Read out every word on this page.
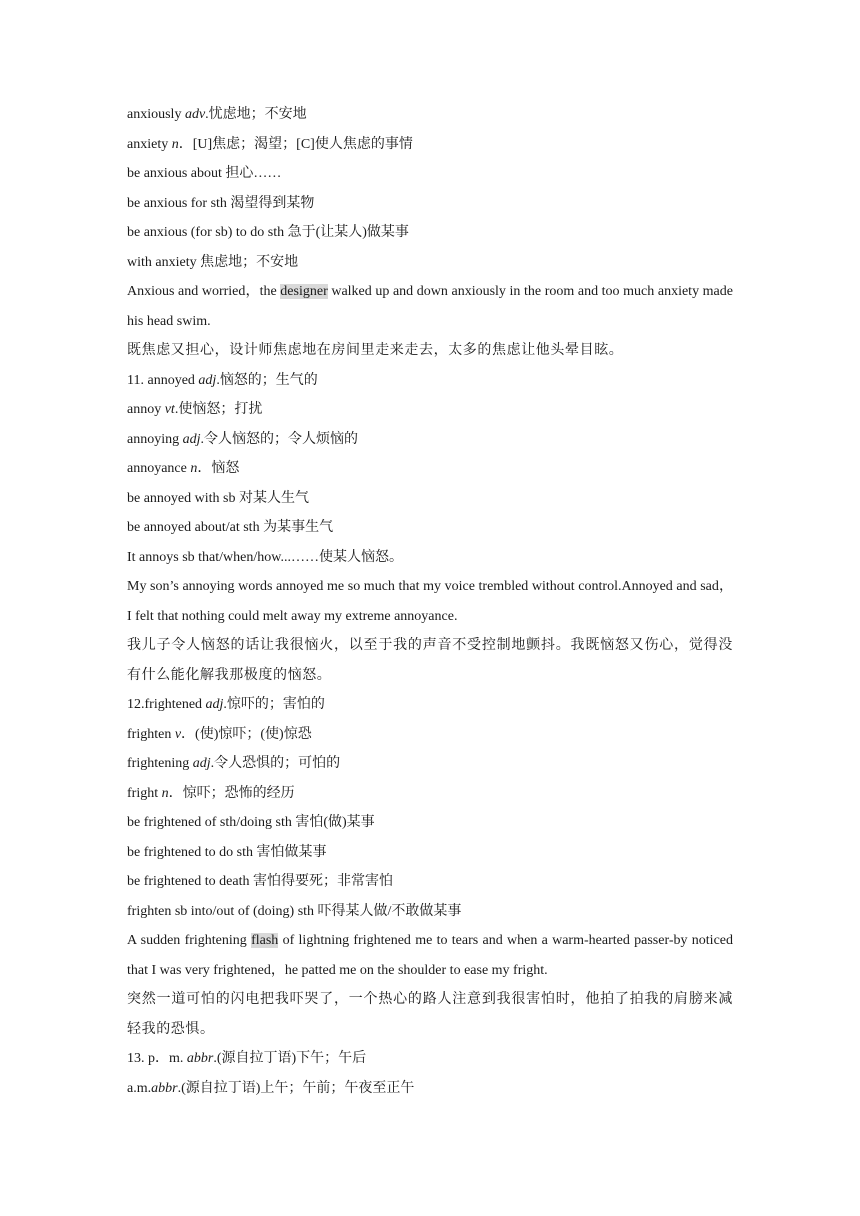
anxiously adv.忧虑地；不安地
anxiety n．[U]焦虑；渴望；[C]使人焦虑的事情
be anxious about 担心……
be anxious for sth 渴望得到某物
be anxious (for sb) to do sth 急于(让某人)做某事
with anxiety 焦虑地；不安地
Anxious and worried，the designer walked up and down anxiously in the room and too much anxiety made his head swim.
既焦虑又担心，设计师焦虑地在房间里走来走去，太多的焦虑让他头晕目眩。
11. annoyed adj.恼怒的；生气的
annoy vt.使恼怒；打扰
annoying adj.令人恼怒的；令人烦恼的
annoyance n．恼怒
be annoyed with sb 对某人生气
be annoyed about/at sth 为某事生气
It annoys sb that/when/how...……使某人恼怒。
My son’s annoying words annoyed me so much that my voice trembled without control.Annoyed and sad，I felt that nothing could melt away my extreme annoyance.
我儿子令人恼怒的话让我很恼火，以至于我的声音不受控制地颤抖。我既恼怒又伤心，觉得没有什么能化解我那极度的恼怒。
12.frightened adj.惊吓的；害怕的
frighten v．(使)惊吓；(使)惊恐
frightening adj.令人恐惧的；可怕的
fright n．惊吓；恐怖的经历
be frightened of sth/doing sth 害怕(做)某事
be frightened to do sth 害怕做某事
be frightened to death 害怕得要死；非常害怕
frighten sb into/out of (doing) sth 吓得某人做/不敢做某事
A sudden frightening flash of lightning frightened me to tears and when a warm-hearted passer-by noticed that I was very frightened，he patted me on the shoulder to ease my fright.
突然一道可怕的闪电把我吓哭了，一个热心的路人注意到我很害怕时，他拍了拍我的肩膀来减轻我的恐惧。
13. p．m. abbr.(源自拉丁语)下午；午后
a.m.abbr.(源自拉丁语)上午；午前；午夜至正午
